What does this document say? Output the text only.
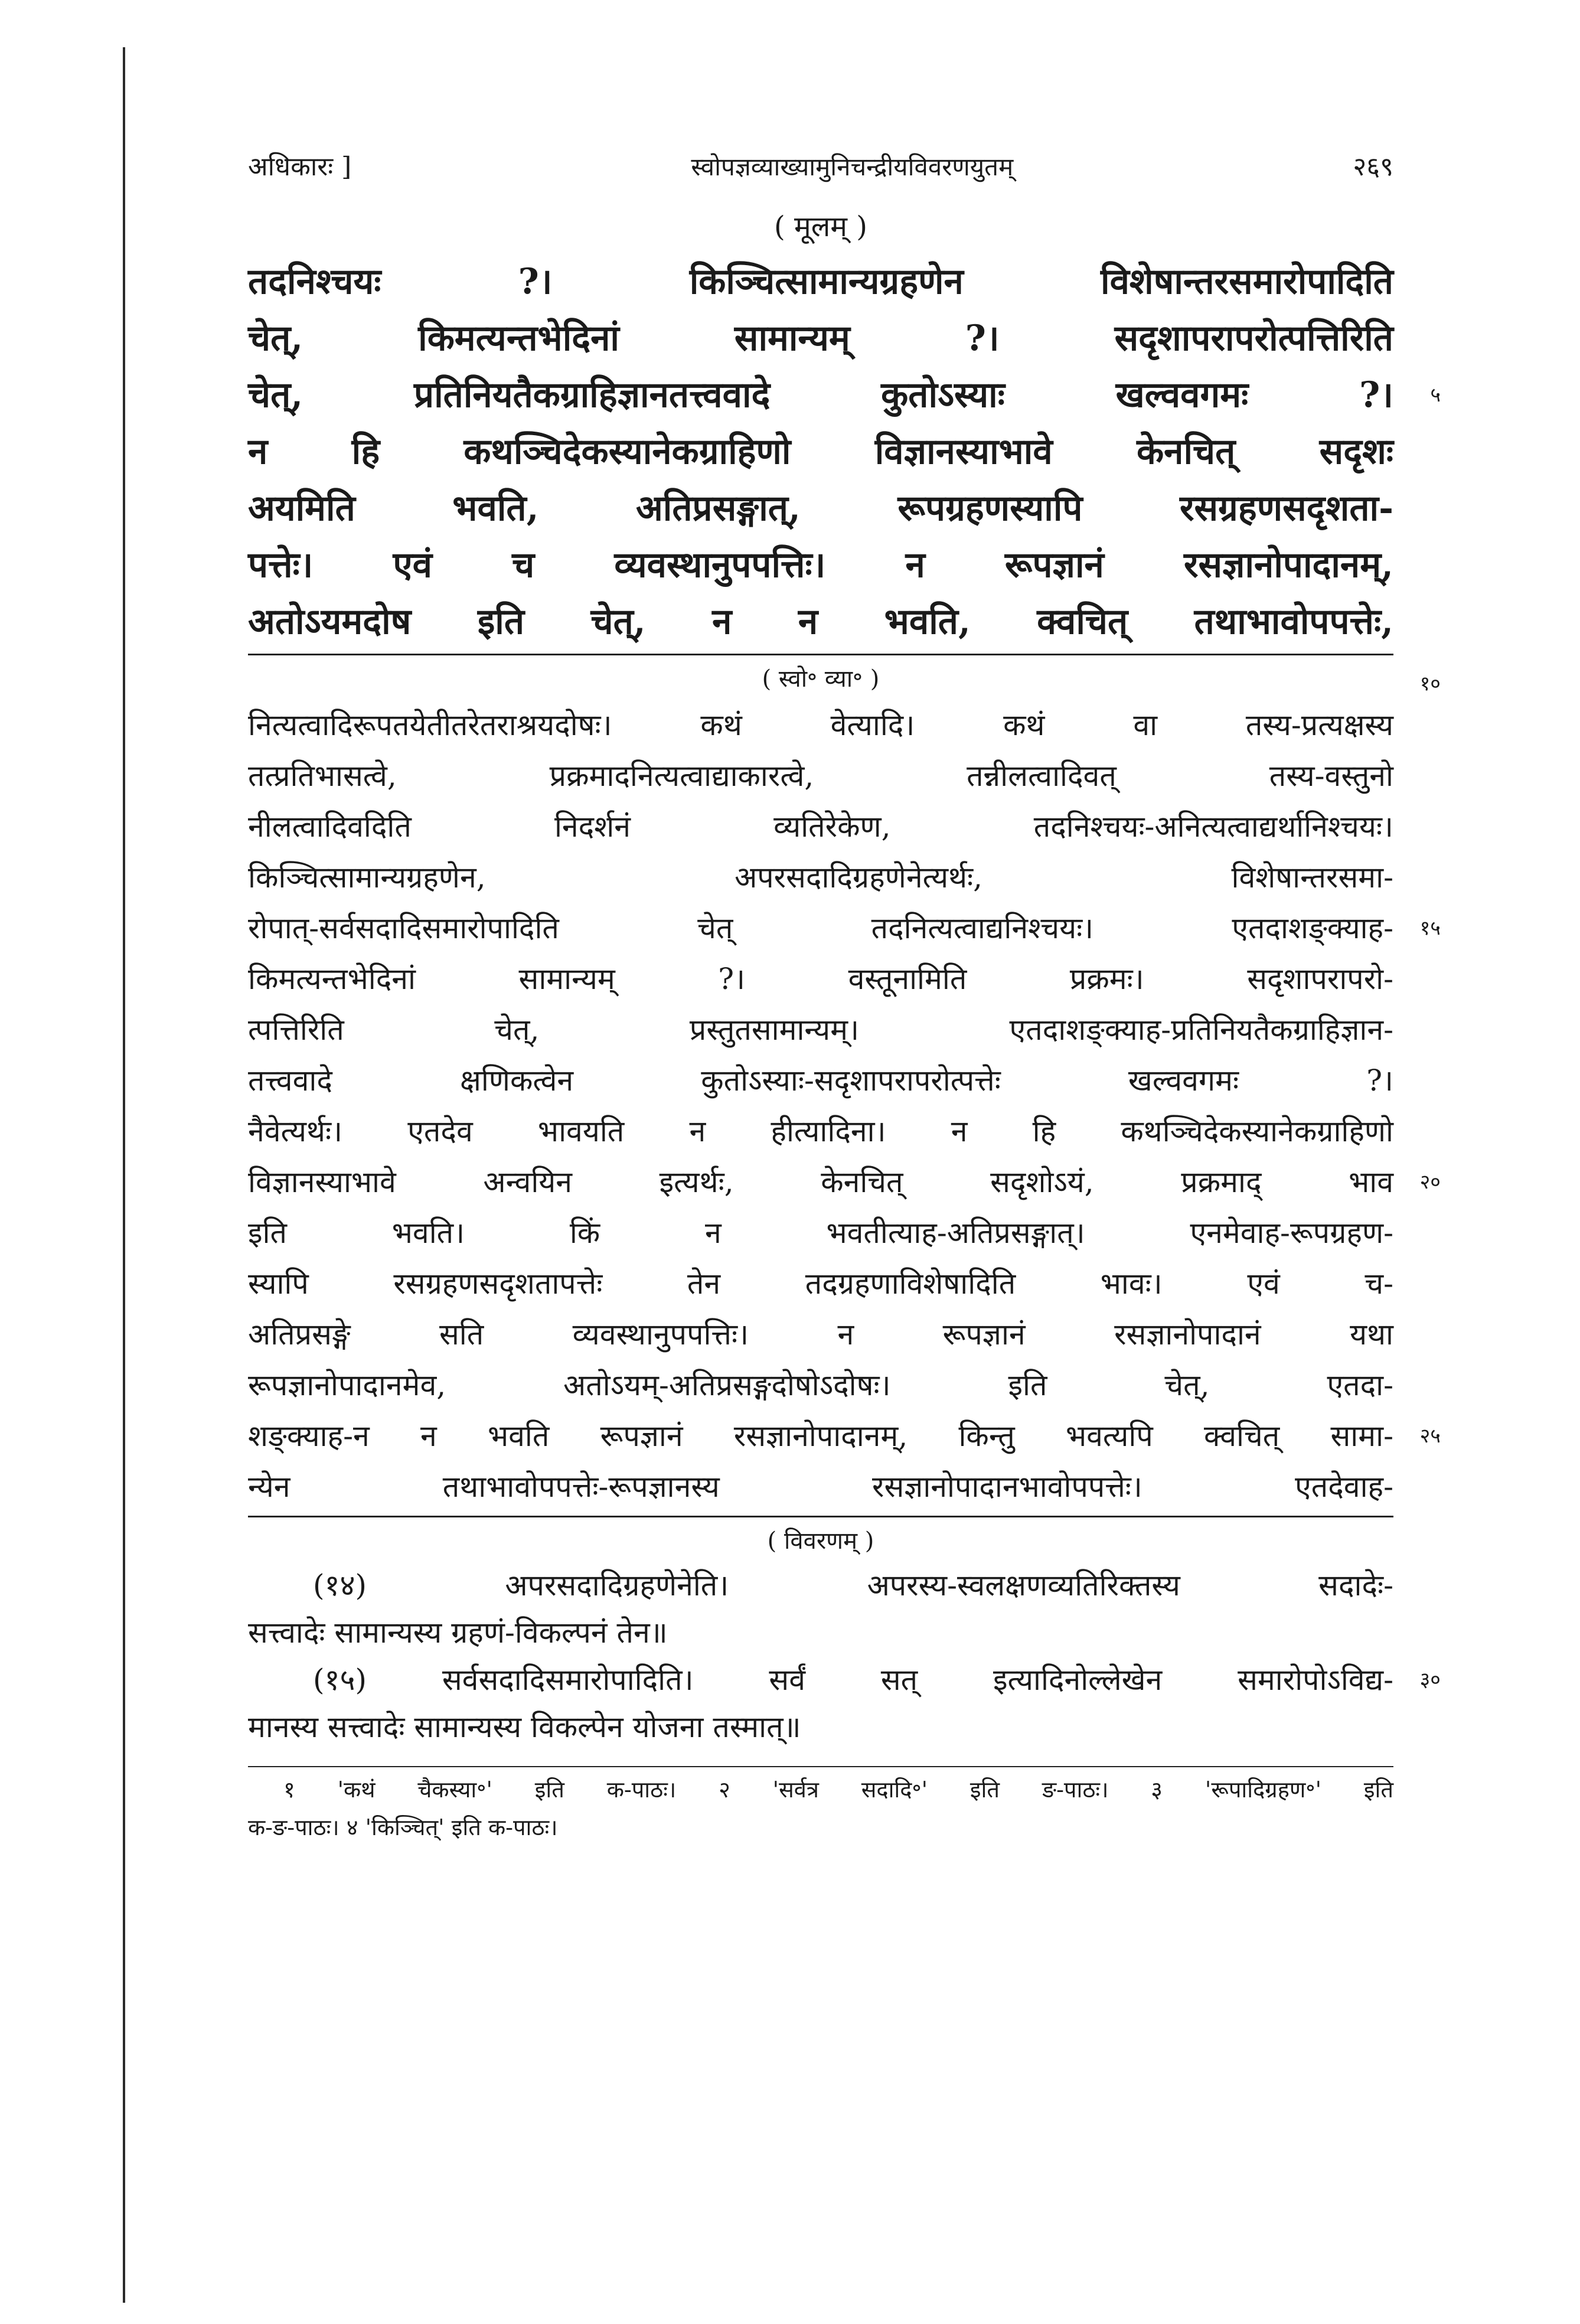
अधिकारः ]	स्वोपज्ञव्याख्यामुनिचन्द्रीयविवरणयुतम्	२६९
( मूलम् )
तदनिश्चयः ?। किञ्चित्सामान्यग्रहणेन विशेषान्तरसमारोपादिति
चेत्, किमत्यन्तभेदिनां सामान्यम् ?। सदृशापरापरोत्पत्तिरिति
चेत्, प्रतिनियतैकग्राहिज्ञानतत्त्ववादे कुतोऽस्याः खल्ववगमः ?। ५
न हि कथञ्चिदेकस्यानेकग्राहिणो विज्ञानस्याभावे केनचित् सदृशः
अयमिति भवति, अतिप्रसङ्गात्, रूपग्रहणस्यापि रसग्रहणसदृशता-
पत्तेः। एवं च व्यवस्थानुपपत्तिः। न रूपज्ञानं रसज्ञानोपादानम्,
अतोऽयमदोष इति चेत्, न न भवति, क्वचित् तथाभावोपपत्तेः,
( स्वो॰ व्या॰ )
नित्यत्वादिरूपतयेतीतरेतराश्रयदोषः। कथं वेत्यादि। कथं वा तस्य-प्रत्यक्षस्य
१०
तत्प्रतिभासत्वे, प्रक्रमादनित्यत्वाद्याकारत्वे, तन्नीलत्वादिवत् तस्य-वस्तुनो
नीलत्वादिवदिति निदर्शनं व्यतिरेकेण, तदनिश्चयः-अनित्यत्वाद्यर्थानिश्चयः।
किञ्चित्सामान्यग्रहणेन, अपरसदादिग्रहणेनेत्यर्थः, विशेषान्तरसमा-
रोपात्-सर्वसदादिसमारोपादिति चेत् तदनित्यत्वाद्यनिश्चयः। एतदाशङ्क्याह- १५
किमत्यन्तभेदिनां सामान्यम् ?। वस्तूनामिति प्रक्रमः। सदृशापरापरो-
त्पत्तिरिति चेत्, प्रस्तुतसामान्यम्। एतदाशङ्क्याह-प्रतिनियतैकग्राहिज्ञान-
तत्त्ववादे क्षणिकत्वेन कुतोऽस्याः-सदृशापरापरोत्पत्तेः खल्ववगमः ?।
नैवेत्यर्थः। एतदेव भावयति न हीत्यादिना। न हि कथञ्चिदेकस्यानेकग्राहिणो
विज्ञानस्याभावे अन्वयिन इत्यर्थः, केनचित् सदृशोऽयं, प्रक्रमाद् भाव २०
इति भवति। किं न भवतीत्याह-अतिप्रसङ्गात्। एनमेवाह-रूपग्रहण-
स्यापि रसग्रहणसदृशतापत्तेः तेन तदग्रहणाविशेषादिति भावः। एवं च-
अतिप्रसङ्गे सति व्यवस्थानुपपत्तिः। न रूपज्ञानं रसज्ञानोपादानं यथा
रूपज्ञानोपादानमेव, अतोऽयम्-अतिप्रसङ्गदोषोऽदोषः। इति चेत्, एतदा-
शङ्क्याह-न न भवति रूपज्ञानं रसज्ञानोपादानम्, किन्तु भवत्यपि क्वचित् सामा- २५
न्येन तथाभावोपपत्तेः-रूपज्ञानस्य रसज्ञानोपादानभावोपपत्तेः। एतदेवाह-
( विवरणम् )
(१४) अपरसदादिग्रहणेनेति। अपरस्य-स्वलक्षणव्यतिरिक्तस्य सदादेः-
सत्त्वादेः सामान्यस्य ग्रहणं-विकल्पनं तेन॥
(१५) सर्वसदादिसमारोपादिति। सर्वं सत् इत्यादिनोल्लेखेन समारोपोऽविद्य- ३०
मानस्य सत्त्वादेः सामान्यस्य विकल्पेन योजना तस्मात्॥
१ 'कथं चैकस्या॰' इति क-पाठः। २ 'सर्वत्र सदादि॰' इति ङ-पाठः। ३ 'रूपादिग्रहण॰' इति
क-ङ-पाठः। ४ 'किञ्चित्' इति क-पाठः।
